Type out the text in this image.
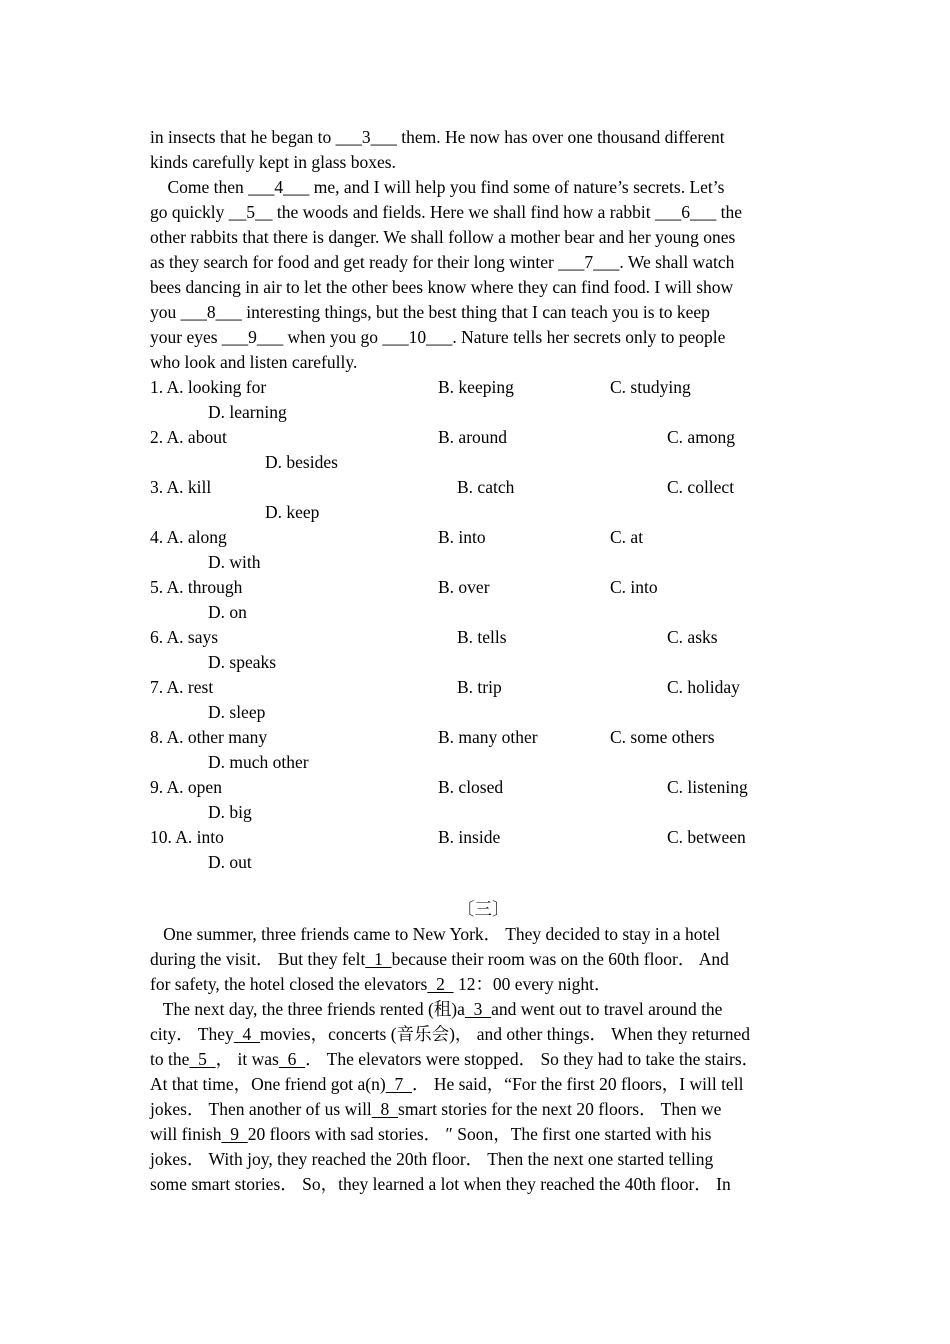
in insects that he began to ___3___ them. He now has over one thousand different
kinds carefully kept in glass boxes.
Come then ___4___ me, and I will help you find some of nature’s secrets. Let’s
go quickly __5__ the woods and fields. Here we shall find how a rabbit ___6___ the
other rabbits that there is danger. We shall follow a mother bear and her young ones
as they search for food and get ready for their long winter ___7___. We shall watch
bees dancing in air to let the other bees know where they can find food. I will show
you ___8___ interesting things, but the best thing that I can teach you is to keep
your eyes ___9___ when you go ___10___. Nature tells her secrets only to people
who look and listen carefully.
1. A. looking for	B. keeping	C. studying
D. learning
2. A. about	B. around	C. among
D. besides
3. A. kill	B. catch	C. collect
D. keep
4. A. along	B. into	C. at
D. with
5. A. through	B. over	C. into
D. on
6. A. says	B. tells	C. asks
D. speaks
7. A. rest	B. trip	C. holiday
D. sleep
8. A. other many	B. many other	C. some others
D. much other
9. A. open	B. closed	C. listening
D. big
10. A. into	B. inside	C. between
D. out
〔三〕
One summer, three friends came to New York． They decided to stay in a hotel
during the visit． But they felt  1  because their room was on the 60th floor． And
for safety, the hotel closed the elevators  2   12：00 every night．
The next day, the three friends rented (租)a  3  and went out to travel around the
city． They  4  movies，concerts (音乐会)， and other things． When they returned
to the  5  ， it was  6  ． The elevators were stopped． So they had to take the stairs．
At that time，One friend got a(n)  7  ． He said，“For the first 20 floors，I will tell
jokes． Then another of us will  8  smart stories for the next 20 floors． Then we
will finish  9  20 floors with sad stories． ″ Soon，The first one started with his
jokes． With joy, they reached the 20th floor． Then the next one started telling
some smart stories． So，they learned a lot when they reached the 40th floor． In
